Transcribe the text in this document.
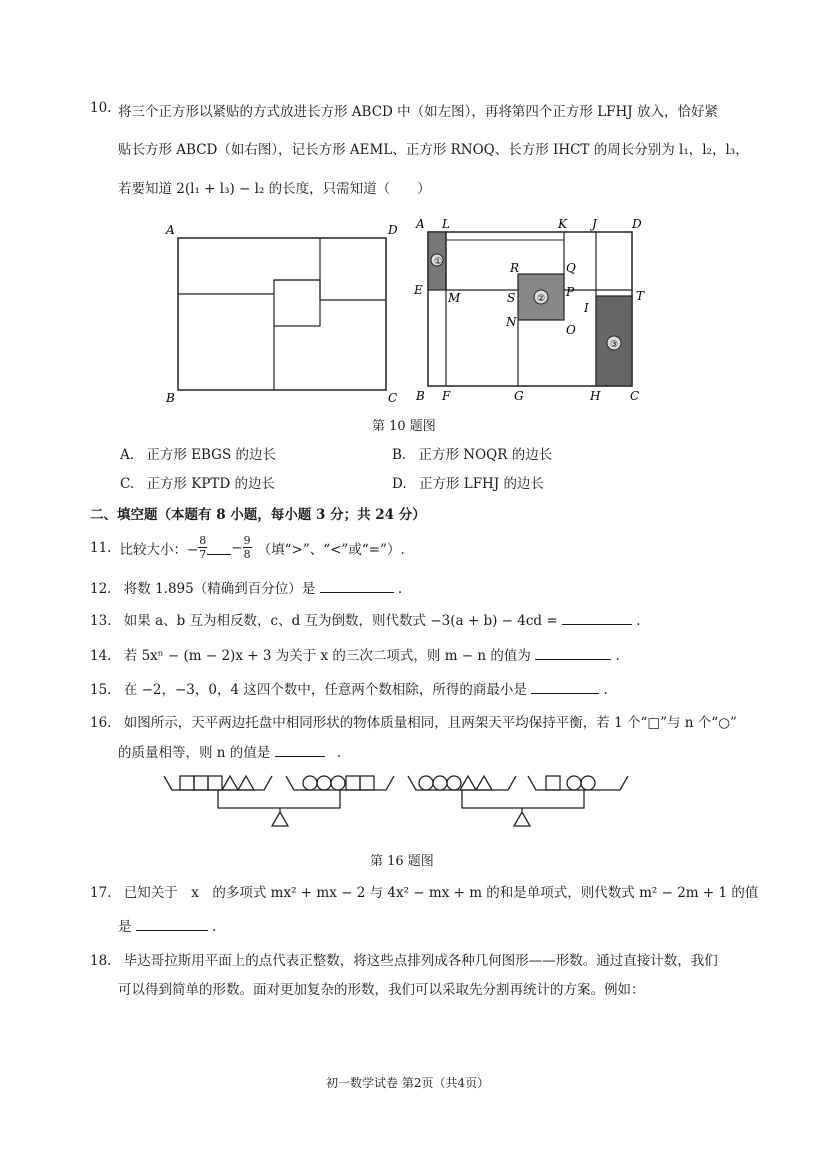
10. 将三个正方形以紧贴的方式放进长方形 ABCD 中（如左图），再将第四个正方形 LFHJ 放入，恰好紧
贴长方形 ABCD（如右图），记长方形 AEML、正方形 RNOQ、长方形 IHCT 的周长分别为 l₁，l₂，l₃，
若要知道 2(l₁ + l₃) − l₂ 的长度，只需知道（　　）
A	D
B	C
①
②
③
A L	K J	D
E
M
R	Q
S	P	T
N
O
I
B F	G	H C
第 10 题图
A. 正方形 EBGS 的边长	B. 正方形 NOQR 的边长
C. 正方形 KPTD 的边长	D. 正方形 LFHJ 的边长
二、填空题（本题有 8 小题，每小题 3 分；共 24 分）
11. 比较大小：− $\frac{8}{7} - \frac{9}{8}$ （填“>”、“<”或“=”）.
12. 将数 1.895（精确到百分位）是	.
13. 如果 a、b 互为相反数，c、d 互为倒数，则代数式 −3(a + b) − 4cd =	.
14. 若 5xⁿ − (m − 2)x + 3 为关于 x 的三次二项式，则 m − n 的值为	.
15. 在 −2，−3，0，4 这四个数中，任意两个数相除，所得的商最小是	.
16. 如图所示，天平两边托盘中相同形状的物体质量相同，且两架天平均保持平衡，若 1 个“□”与 n 个“○”
的质量相等，则 n 的值是	.
第 16 题图
17. 已知关于　x　的多项式 mx² + mx − 2 与 4x² − mx + m 的和是单项式，则代数式 m² − 2m + 1 的值
是	.
18. 毕达哥拉斯用平面上的点代表正整数，将这些点排列成各种几何图形——形数。通过直接计数，我们
可以得到简单的形数。面对更加复杂的形数，我们可以采取先分割再统计的方案。例如：
初一数学试卷 第2页（共4页）
